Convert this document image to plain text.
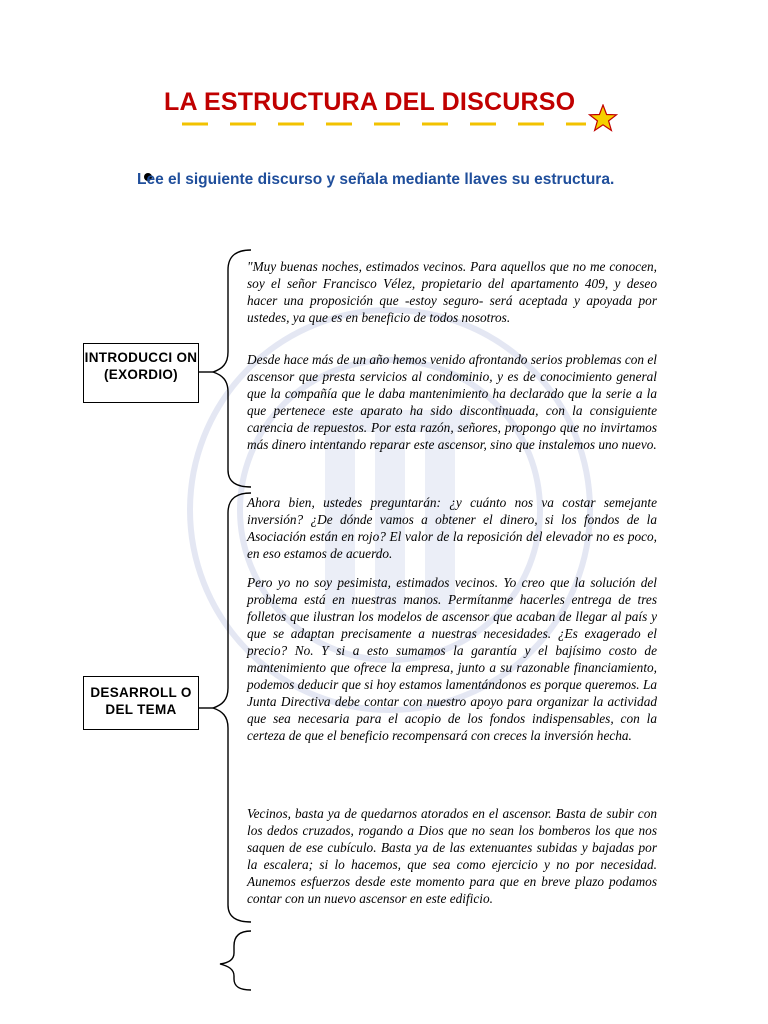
LA ESTRUCTURA DEL DISCURSO
Lee el siguiente discurso y señala mediante llaves su estructura.
INTRODUCCI ON (EXORDIO)
DESARROLL O DEL TEMA

"Muy buenas noches, estimados vecinos. Para aquellos que no me conocen, soy el señor Francisco Vélez, propietario del apartamento 409, y deseo hacer una proposición que -estoy seguro- será aceptada y apoyada por ustedes, ya que es en beneficio de todos nosotros.

Desde hace más de un año hemos venido afrontando serios problemas con el ascensor que presta servicios al condominio, y es de conocimiento general que la compañía que le daba mantenimiento ha declarado que la serie a la que pertenece este aparato ha sido discontinuada, con la consiguiente carencia de repuestos. Por esta razón, señores, propongo que no invirtamos más dinero intentando reparar este ascensor, sino que instalemos uno nuevo.

Ahora bien, ustedes preguntarán: ¿y cuánto nos va costar semejante inversión? ¿De dónde vamos a obtener el dinero, si los fondos de la Asociación están en rojo? El valor de la reposición del elevador no es poco, en eso estamos de acuerdo.

Pero yo no soy pesimista, estimados vecinos. Yo creo que la solución del problema está en nuestras manos. Permítanme hacerles entrega de tres folletos que ilustran los modelos de ascensor que acaban de llegar al país y que se adaptan precisamente a nuestras necesidades. ¿Es exagerado el precio? No. Y si a esto sumamos la garantía y el bajísimo costo de mantenimiento que ofrece la empresa, junto a su razonable financiamiento, podemos deducir que si hoy estamos lamentándonos es porque queremos. La Junta Directiva debe contar con nuestro apoyo para organizar la actividad que sea necesaria para el acopio de los fondos indispensables, con la certeza de que el beneficio recompensará con creces la inversión hecha.

Vecinos, basta ya de quedarnos atorados en el ascensor. Basta de subir con los dedos cruzados, rogando a Dios que no sean los bomberos los que nos saquen de ese cubículo. Basta ya de las extenuantes subidas y bajadas por la escalera; si lo hacemos, que sea como ejercicio y no por necesidad. Aunemos esfuerzos desde este momento para que en breve plazo podamos contar con un nuevo ascensor en este edificio.
